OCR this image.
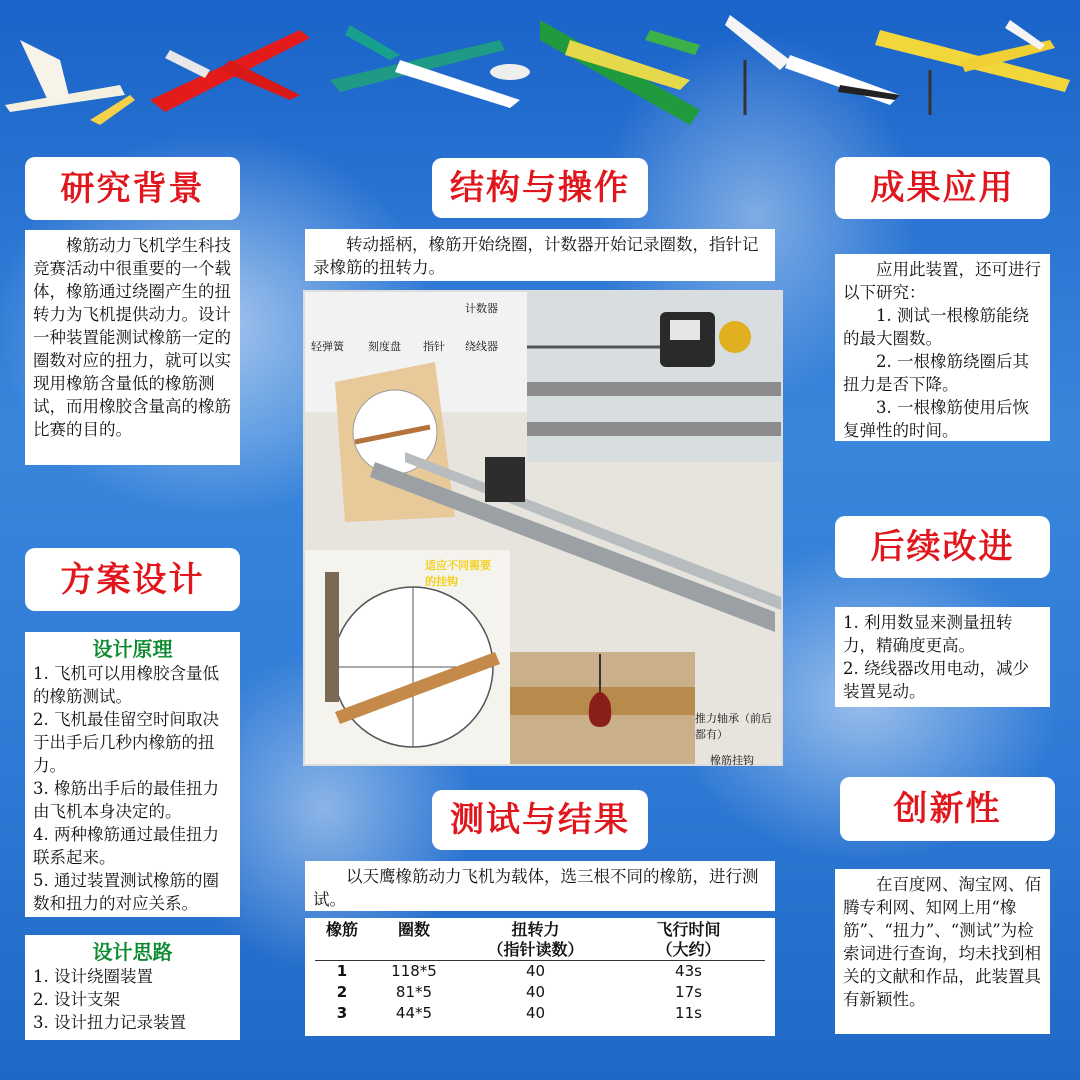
研究背景

橡筋动力飞机学生科技竞赛活动中很重要的一个载体，橡筋通过绕圈产生的扭转力为飞机提供动力。设计一种装置能测试橡筋一定的圈数对应的扭力，就可以实现用橡筋含量低的橡筋测试，而用橡胶含量高的橡筋比赛的目的。

方案设计

设计原理

1. 飞机可以用橡胶含量低的橡筋测试。

2. 飞机最佳留空时间取决于出手后几秒内橡筋的扭力。

3. 橡筋出手后的最佳扭力由飞机本身决定的。

4. 两种橡筋通过最佳扭力联系起来。

5. 通过装置测试橡筋的圈数和扭力的对应关系。

设计思路

1. 设计绕圈装置

2. 设计支架

3. 设计扭力记录装置

结构与操作

转动摇柄，橡筋开始绕圈，计数器开始记录圈数，指针记录橡筋的扭转力。

计数器
轻弹簧 刻度盘 指针 绕线器
适应不同需要的挂钩
推力轴承（前后都有）
橡筋挂钩
测试与结果

以天鹰橡筋动力飞机为载体，选三根不同的橡筋，进行测试。

橡筋	圈数	扭转力	飞行时间
		（指针读数）	（大约）
1	118*5	40	43s
2	81*5	40	17s
3	44*5	40	11s
成果应用

应用此装置，还可进行以下研究：

1. 测试一根橡筋能绕的最大圈数。

2. 一根橡筋绕圈后其扭力是否下降。

3. 一根橡筋使用后恢复弹性的时间。

后续改进

1. 利用数显来测量扭转力，精确度更高。

2. 绕线器改用电动，减少装置晃动。

创新性

在百度网、淘宝网、佰腾专利网、知网上用“橡筋”、“扭力”、“测试”为检索词进行查询，均未找到相关的文献和作品，此装置具有新颖性。
